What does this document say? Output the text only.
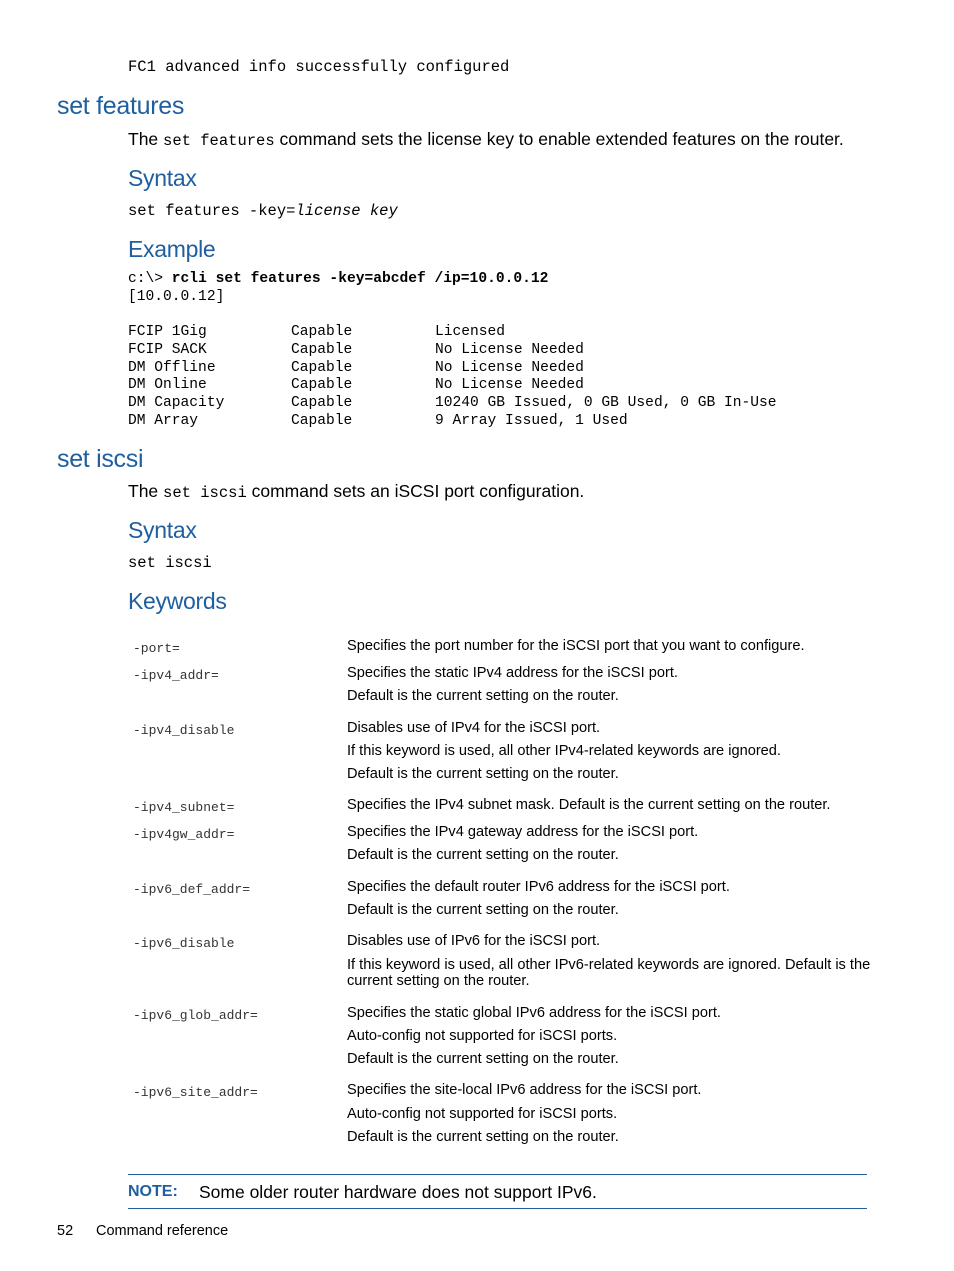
FC1 advanced info successfully configured
set features
The set features command sets the license key to enable extended features on the router.
Syntax
set features -key=license key
Example
c:\> rcli set features -key=abcdef /ip=10.0.0.12
[10.0.0.12]
FCIP 1Gig	Capable	Licensed
FCIP SACK	Capable	No License Needed
DM Offline	Capable	No License Needed
DM Online	Capable	No License Needed
DM Capacity	Capable	10240 GB Issued, 0 GB Used, 0 GB In-Use
DM Array	Capable	9 Array Issued, 1 Used
set iscsi
The set iscsi command sets an iSCSI port configuration.
Syntax
set iscsi
Keywords
-port=	Specifies the port number for the iSCSI port that you want to configure.
-ipv4_addr=	Specifies the static IPv4 address for the iSCSI port.
Default is the current setting on the router.
-ipv4_disable	Disables use of IPv4 for the iSCSI port.
If this keyword is used, all other IPv4-related keywords are ignored.
Default is the current setting on the router.
-ipv4_subnet=	Specifies the IPv4 subnet mask. Default is the current setting on the router.
-ipv4gw_addr=	Specifies the IPv4 gateway address for the iSCSI port.
Default is the current setting on the router.
-ipv6_def_addr=	Specifies the default router IPv6 address for the iSCSI port.
Default is the current setting on the router.
-ipv6_disable	Disables use of IPv6 for the iSCSI port.
If this keyword is used, all other IPv6-related keywords are ignored. Default is the
current setting on the router.
-ipv6_glob_addr=	Specifies the static global IPv6 address for the iSCSI port.
Auto-config not supported for iSCSI ports.
Default is the current setting on the router.
-ipv6_site_addr=	Specifies the site-local IPv6 address for the iSCSI port.
Auto-config not supported for iSCSI ports.
Default is the current setting on the router.
NOTE: Some older router hardware does not support IPv6.
52 Command reference
